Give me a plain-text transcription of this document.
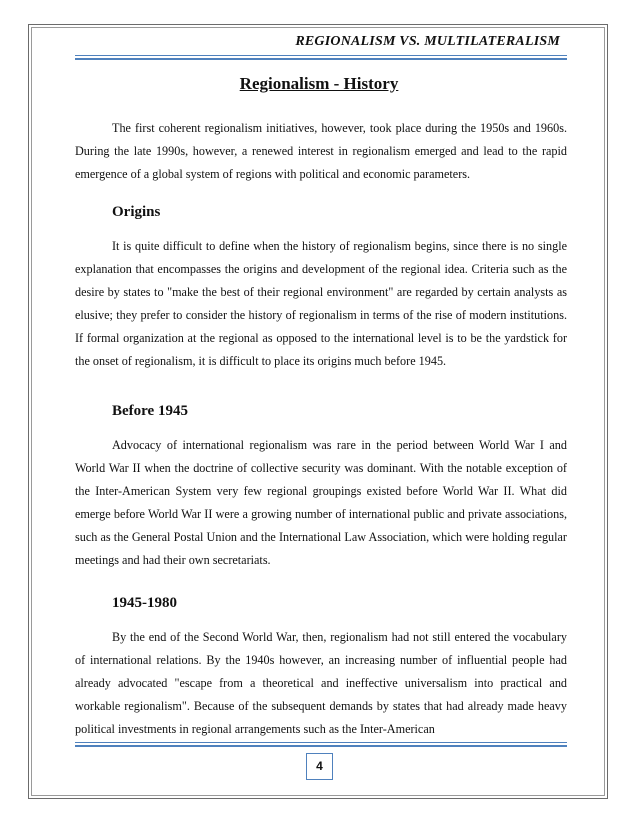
REGIONALISM VS. MULTILATERALISM
Regionalism - History

The first coherent regionalism initiatives, however, took place during the 1950s and 1960s. During the late 1990s, however, a renewed interest in regionalism emerged and lead to the rapid emergence of a global system of regions with political and economic parameters.

Origins

It is quite difficult to define when the history of regionalism begins, since there is no single explanation that encompasses the origins and development of the regional idea. Criteria such as the desire by states to "make the best of their regional environment" are regarded by certain analysts as elusive; they prefer to consider the history of regionalism in terms of the rise of modern institutions. If formal organization at the regional as opposed to the international level is to be the yardstick for the onset of regionalism, it is difficult to place its origins much before 1945.

Before 1945

Advocacy of international regionalism was rare in the period between World War I and World War II when the doctrine of collective security was dominant. With the notable exception of the Inter-American System very few regional groupings existed before World War II. What did emerge before World War II were a growing number of international public and private associations, such as the General Postal Union and the International Law Association, which were holding regular meetings and had their own secretariats.

1945-1980

By the end of the Second World War, then, regionalism had not still entered the vocabulary of international relations. By the 1940s however, an increasing number of influential people had already advocated "escape from a theoretical and ineffective universalism into practical and workable regionalism". Because of the subsequent demands by states that had already made heavy political investments in regional arrangements such as the Inter-American

4
